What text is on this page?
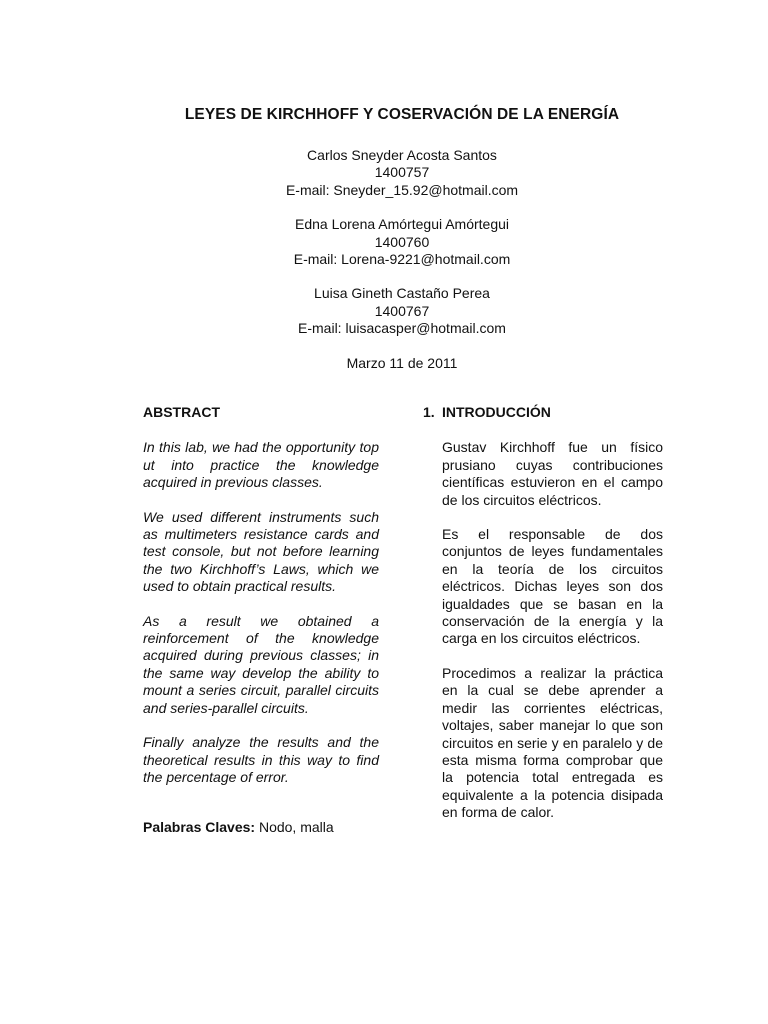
LEYES DE KIRCHHOFF Y COSERVACIÓN DE LA ENERGÍA
Carlos Sneyder Acosta Santos
1400757
E-mail: Sneyder_15.92@hotmail.com
Edna Lorena Amórtegui Amórtegui
1400760
E-mail: Lorena-9221@hotmail.com
Luisa Gineth Castaño Perea
1400767
E-mail: luisacasper@hotmail.com
Marzo 11 de 2011
ABSTRACT

In this lab, we had the opportunity top ut into practice the knowledge acquired in previous classes.

We used different instruments such as multimeters resistance cards and test console, but not before learning the two Kirchhoff’s Laws, which we used to obtain practical results.

As a result we obtained a reinforcement of the knowledge acquired during previous classes; in the same way develop the ability to mount a series circuit, parallel circuits and series-parallel circuits.

Finally analyze the results and the theoretical results in this way to find the percentage of error.

Palabras Claves: Nodo, malla
1. INTRODUCCIÓN

Gustav Kirchhoff fue un físico prusiano cuyas contribuciones científicas estuvieron en el campo de los circuitos eléctricos.

Es el responsable de dos conjuntos de leyes fundamentales en la teoría de los circuitos eléctricos. Dichas leyes son dos igualdades que se basan en la conservación de la energía y la carga en los circuitos eléctricos.

Procedimos a realizar la práctica en la cual se debe aprender a medir las corrientes eléctricas, voltajes, saber manejar lo que son circuitos en serie y en paralelo y de esta misma forma comprobar que la potencia total entregada es equivalente a la potencia disipada en forma de calor.
